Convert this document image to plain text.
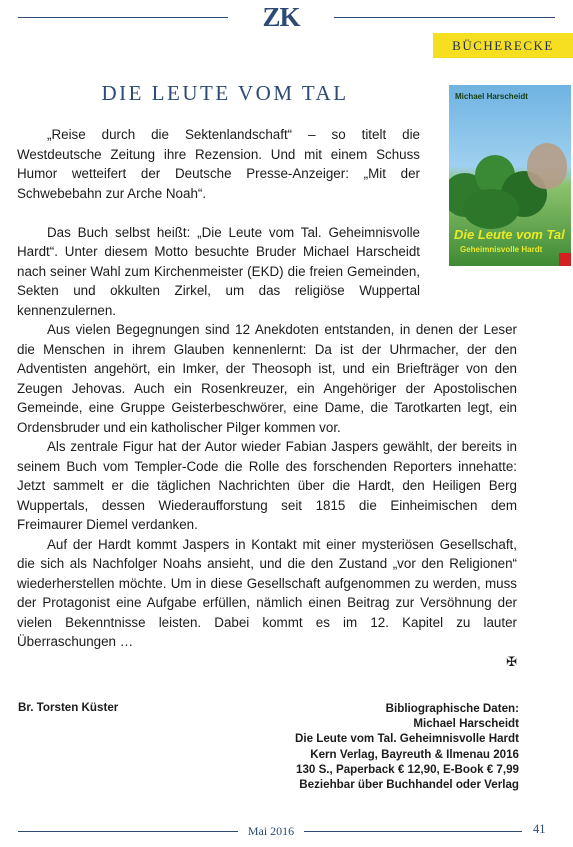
ZK
BÜCHERECKE
DIE LEUTE VOM TAL	Michael Harscheidt
Die Leute vom Tal
Geheimnisvolle Hardt

„Reise durch die Sektenlandschaft“ – so titelt die Westdeutsche Zeitung ihre Rezension. Und mit einem Schuss Humor wetteifert der Deutsche Presse-Anzeiger: „Mit der Schwebebahn zur Arche Noah“.

Das Buch selbst heißt: „Die Leute vom Tal. Geheimnisvolle Hardt“. Unter diesem Motto besuchte Bruder Michael Harscheidt nach seiner Wahl zum Kirchenmeister (EKD) die freien Gemeinden, Sekten und okkulten Zirkel, um das religiöse Wuppertal kennenzulernen.

Aus vielen Begegnungen sind 12 Anekdoten entstanden, in denen der Leser die Menschen in ihrem Glauben kennenlernt: Da ist der Uhrmacher, der den Adventisten angehört, ein Imker, der Theosoph ist, und ein Briefträger von den Zeugen Jehovas. Auch ein Rosenkreuzer, ein Angehöriger der Apostolischen Gemeinde, eine Gruppe Geisterbeschwörer, eine Dame, die Tarotkarten legt, ein Ordensbruder und ein katholischer Pilger kommen vor.

Als zentrale Figur hat der Autor wieder Fabian Jaspers gewählt, der bereits in seinem Buch vom Templer-Code die Rolle des forschenden Reporters innehatte: Jetzt sammelt er die täglichen Nachrichten über die Hardt, den Heiligen Berg Wuppertals, dessen Wiederaufforstung seit 1815 die Einheimischen dem Freimaurer Diemel verdanken.

Auf der Hardt kommt Jaspers in Kontakt mit einer mysteriösen Gesellschaft, die sich als Nachfolger Noahs ansieht, und die den Zustand „vor den Religionen“ wiederherstellen möchte. Um in diese Gesellschaft aufgenommen zu werden, muss der Protagonist eine Aufgabe erfüllen, nämlich einen Beitrag zur Versöhnung der vielen Bekenntnisse leisten. Dabei kommt es im 12. Kapitel zu lauter Überraschungen …

✠
Br. Torsten Küster	Bibliographische Daten:
Michael Harscheidt
Die Leute vom Tal. Geheimnisvolle Hardt
Kern Verlag, Bayreuth & Ilmenau 2016
130 S., Paperback € 12,90, E-Book € 7,99
Beziehbar über Buchhandel oder Verlag
Mai 2016	41
